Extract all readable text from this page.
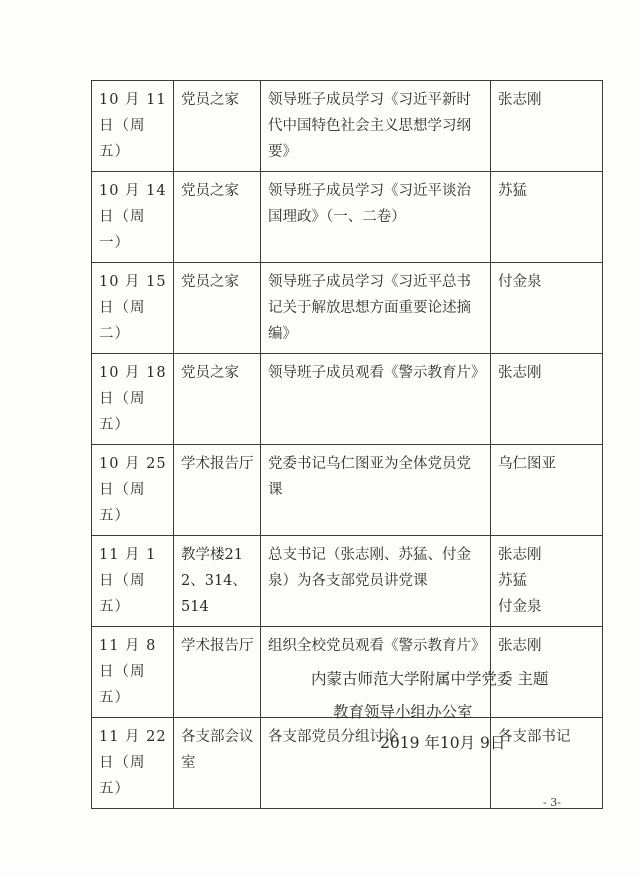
10 月 11 日（周五）	党员之家	领导班子成员学习《习近平新时代中国特色社会主义思想学习纲要》	张志刚

10 月 14 日（周一）	党员之家	领导班子成员学习《习近平谈治国理政》（一、二卷）	苏猛

10 月 15 日（周二）	党员之家	领导班子成员学习《习近平总书记关于解放思想方面重要论述摘编》	付金泉

10 月 18 日（周五）	党员之家	领导班子成员观看《警示教育片》	张志刚

10 月 25 日（周五）	学术报告厅	党委书记乌仁图亚为全体党员党课	乌仁图亚

11 月 1 日（周五）	教学楼212、314、514	总支书记（张志刚、苏猛、付金泉）为各支部党员讲党课	张志刚
苏猛
付金泉

11 月 8 日（周五）	学术报告厅	组织全校党员观看《警示教育片》	张志刚

11 月 22 日（周五）	各支部会议室	各支部党员分组讨论	各支部书记
内蒙古师范大学附属中学党委 主题
教育领导小组办公室
2019 年10月 9日
- 3-
